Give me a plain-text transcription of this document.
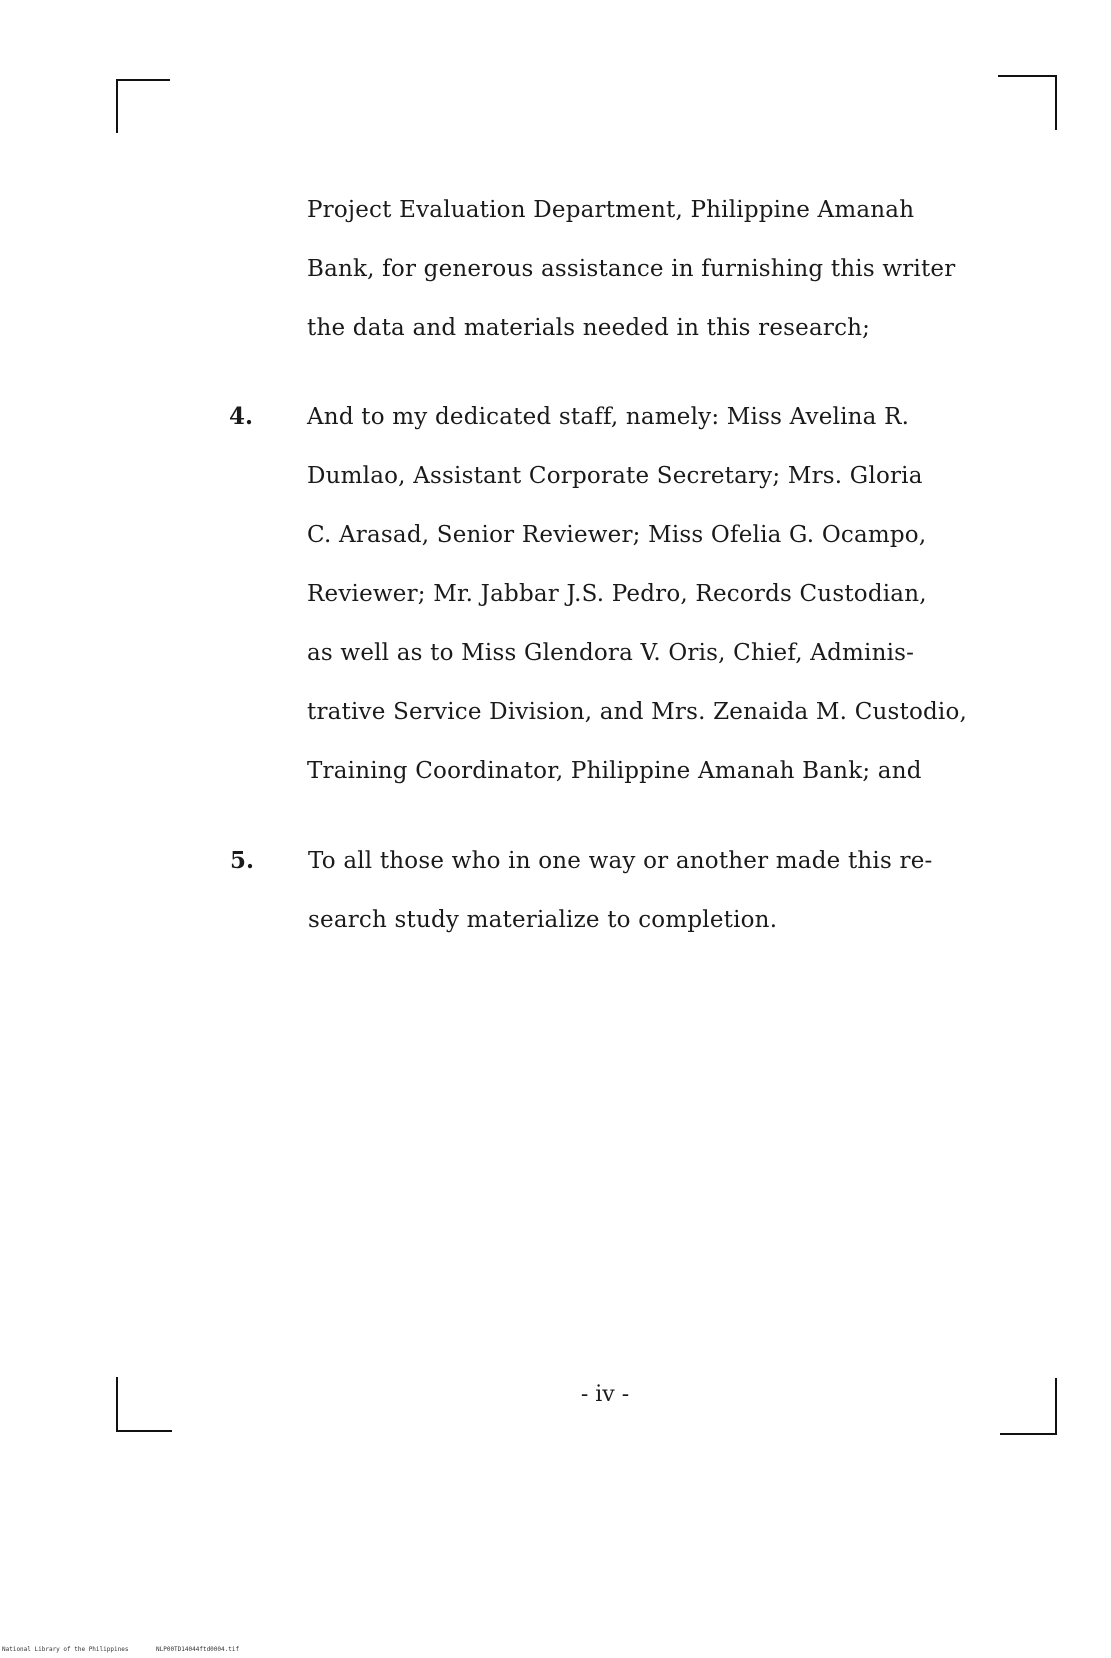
Project Evaluation Department, Philippine Amanah
Bank, for generous assistance in furnishing this writer
the data and materials needed in this research;
4. And to my dedicated staff, namely: Miss Avelina R.
Dumlao, Assistant Corporate Secretary; Mrs. Gloria
C. Arasad, Senior Reviewer; Miss Ofelia G. Ocampo,
Reviewer; Mr. Jabbar J.S. Pedro, Records Custodian,
as well as to Miss Glendora V. Oris, Chief, Adminis-
trative Service Division, and Mrs. Zenaida M. Custodio,
Training Coordinator, Philippine Amanah Bank; and
5. To all those who in one way or another made this re-
search study materialize to completion.
- iv -
National Library of the Philippines	NLP00TD14044ftd0004.tif
